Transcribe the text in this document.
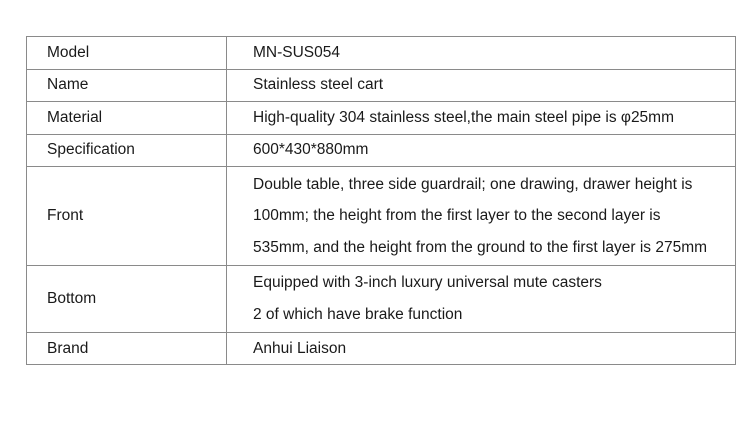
Model	MN-SUS054

Name	Stainless steel cart

Material	High-quality 304 stainless steel,the main steel pipe is φ25mm

Specification	600*430*880mm

Front	Double table, three side guardrail; one drawing, drawer height is
100mm; the height from the first layer to the second layer is
535mm, and the height from the ground to the first layer is 275mm

Bottom	Equipped with 3-inch luxury universal mute casters
2 of which have brake function

Brand	Anhui Liaison
